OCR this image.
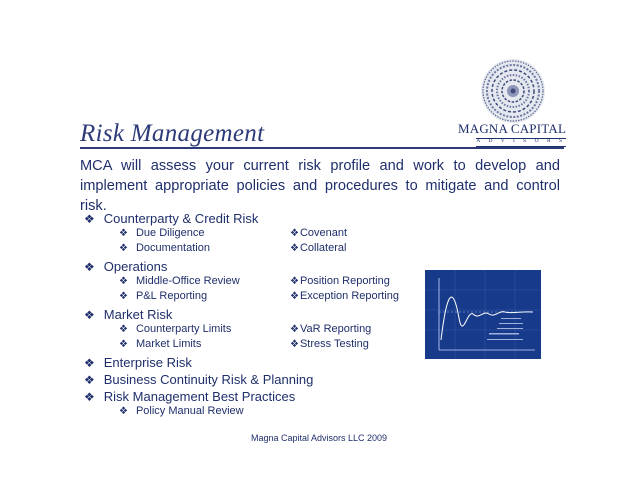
Risk Management	MAGNA CAPITAL
A D V I S O R S
MCA will assess your current risk profile and work to develop and implement appropriate policies and procedures to mitigate and control risk.
❖ Counterparty & Credit Risk
❖ Due Diligence	❖Covenant
❖ Documentation	❖Collateral
❖ Operations
❖ Middle-Office Review	❖Position Reporting
❖ P&L Reporting	❖Exception Reporting
❖ Market Risk
❖ Counterparty Limits	❖VaR Reporting
❖ Market Limits	❖Stress Testing
❖ Enterprise Risk
❖ Business Continuity Risk & Planning
❖ Risk Management Best Practices
❖ Policy Manual Review
Magna Capital Advisors LLC 2009
